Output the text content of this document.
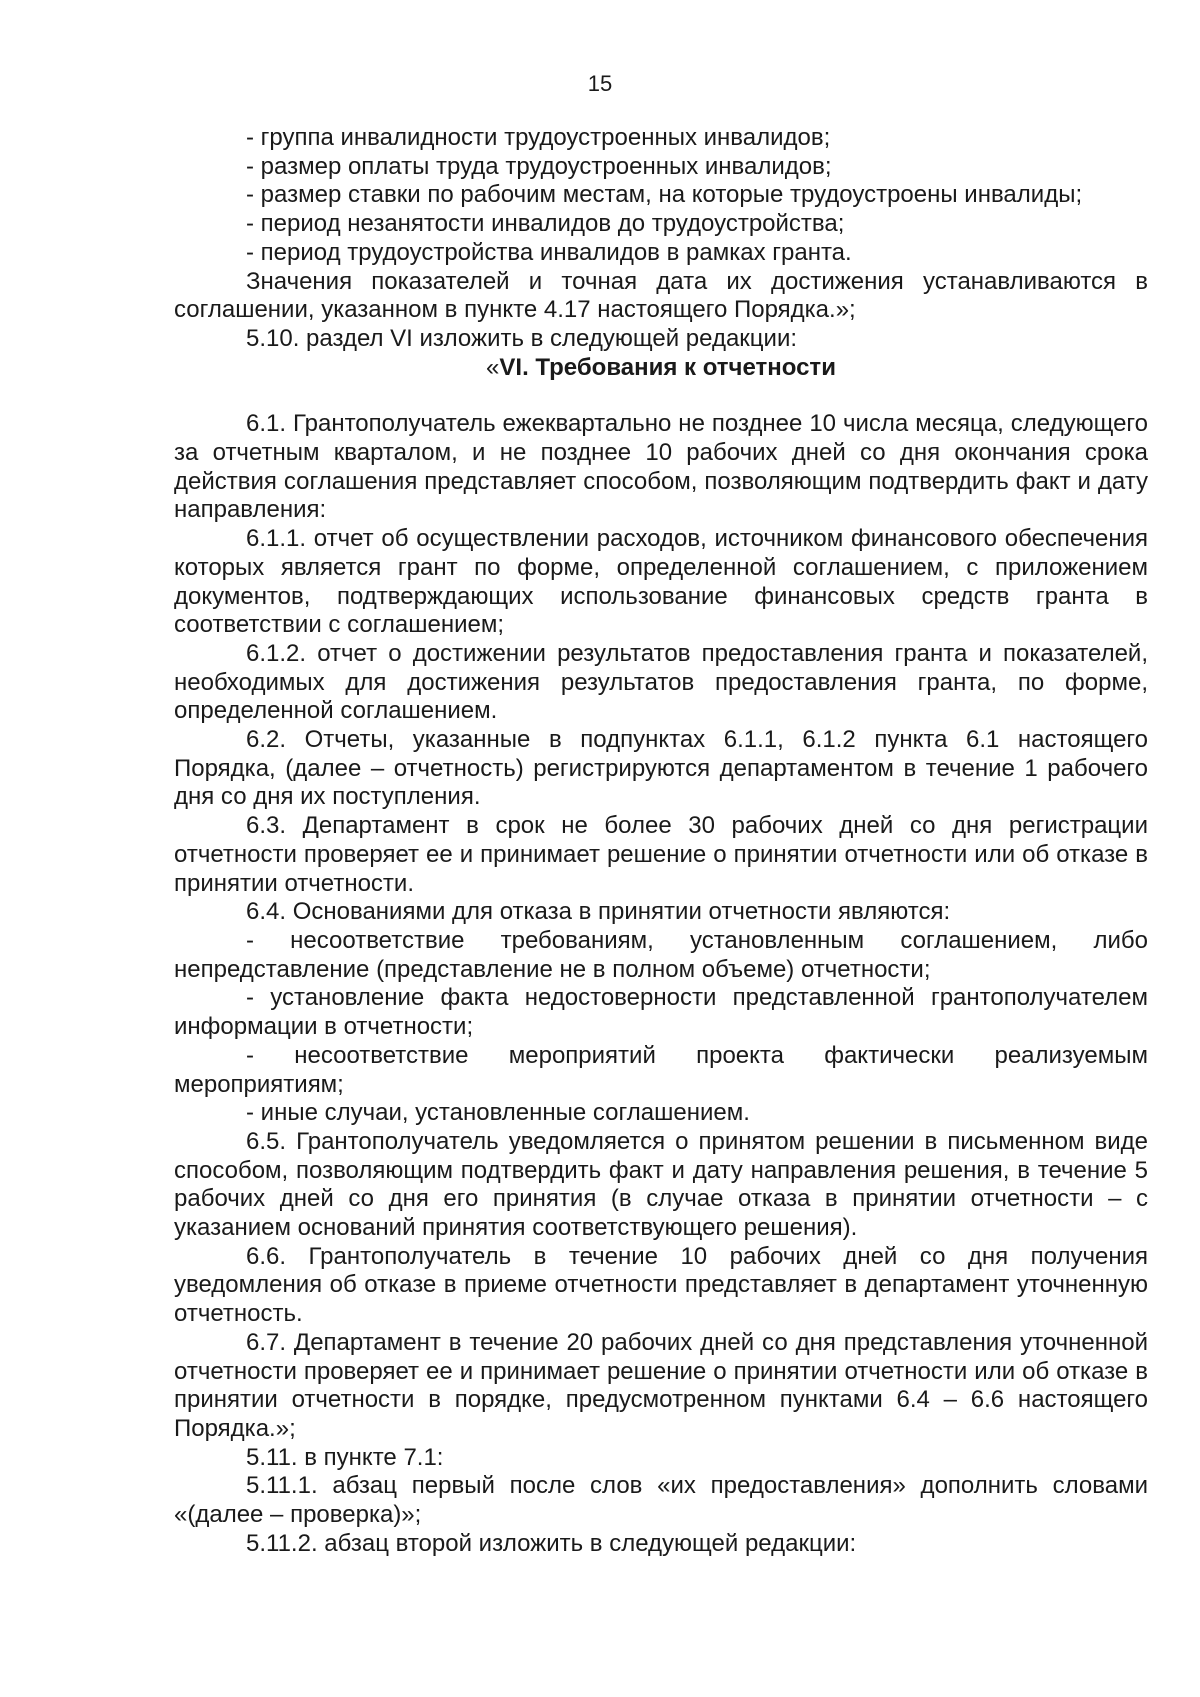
15

- группа инвалидности трудоустроенных инвалидов;

- размер оплаты труда трудоустроенных инвалидов;

- размер ставки по рабочим местам, на которые трудоустроены инвалиды;

- период незанятости инвалидов до трудоустройства;

- период трудоустройства инвалидов в рамках гранта.

Значения показателей и точная дата их достижения устанавливаются в соглашении, указанном в пункте 4.17 настоящего Порядка.»;

5.10. раздел VI изложить в следующей редакции:

«VI. Требования к отчетности

6.1. Грантополучатель ежеквартально не позднее 10 числа месяца, следующего за отчетным кварталом, и не позднее 10 рабочих дней со дня окончания срока действия соглашения представляет способом, позволяющим подтвердить факт и дату направления:

6.1.1. отчет об осуществлении расходов, источником финансового обеспечения которых является грант по форме, определенной соглашением, с приложением документов, подтверждающих использование финансовых средств гранта в соответствии с соглашением;

6.1.2. отчет о достижении результатов предоставления гранта и показателей, необходимых для достижения результатов предоставления гранта, по форме, определенной соглашением.

6.2. Отчеты, указанные в подпунктах 6.1.1, 6.1.2 пункта 6.1 настоящего Порядка, (далее – отчетность) регистрируются департаментом в течение 1 рабочего дня со дня их поступления.

6.3. Департамент в срок не более 30 рабочих дней со дня регистрации отчетности проверяет ее и принимает решение о принятии отчетности или об отказе в принятии отчетности.

6.4. Основаниями для отказа в принятии отчетности являются:

- несоответствие требованиям, установленным соглашением, либо непредставление (представление не в полном объеме) отчетности;

- установление факта недостоверности представленной грантополучателем информации в отчетности;

- несоответствие мероприятий проекта фактически реализуемым мероприятиям;

- иные случаи, установленные соглашением.

6.5. Грантополучатель уведомляется о принятом решении в письменном виде способом, позволяющим подтвердить факт и дату направления решения, в течение 5 рабочих дней со дня его принятия (в случае отказа в принятии отчетности – с указанием оснований принятия соответствующего решения).

6.6. Грантополучатель в течение 10 рабочих дней со дня получения уведомления об отказе в приеме отчетности представляет в департамент уточненную отчетность.

6.7. Департамент в течение 20 рабочих дней со дня представления уточненной отчетности проверяет ее и принимает решение о принятии отчетности или об отказе в принятии отчетности в порядке, предусмотренном пунктами 6.4 – 6.6 настоящего Порядка.»;

5.11. в пункте 7.1:

5.11.1. абзац первый после слов «их предоставления» дополнить словами «(далее – проверка)»;

5.11.2. абзац второй изложить в следующей редакции:
